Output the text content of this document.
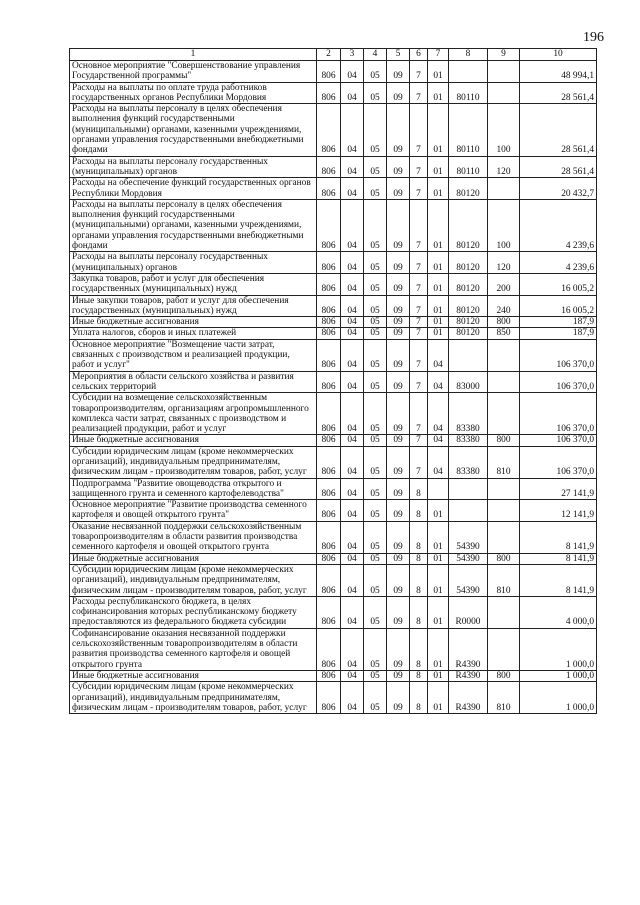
196
1	2	3	4	5	6	7	8	9	10
Основное мероприятие "Совершенствование управления Государственной программы"	806	04	05	09	7	01			48 994,1
Расходы на выплаты по оплате труда работников государственных органов Республики Мордовия	806	04	05	09	7	01	80110		28 561,4
Расходы на выплаты персоналу в целях обеспечения выполнения функций государственными (муниципальными) органами, казенными учреждениями, органами управления государственными внебюджетными фондами	806	04	05	09	7	01	80110	100	28 561,4
Расходы на выплаты персоналу государственных (муниципальных) органов	806	04	05	09	7	01	80110	120	28 561,4
Расходы на обеспечение функций государственных органов Республики Мордовия	806	04	05	09	7	01	80120		20 432,7
Расходы на выплаты персоналу в целях обеспечения выполнения функций государственными (муниципальными) органами, казенными учреждениями, органами управления государственными внебюджетными фондами	806	04	05	09	7	01	80120	100	4 239,6
Расходы на выплаты персоналу государственных (муниципальных) органов	806	04	05	09	7	01	80120	120	4 239,6
Закупка товаров, работ и услуг для обеспечения государственных (муниципальных) нужд	806	04	05	09	7	01	80120	200	16 005,2
Иные закупки товаров, работ и услуг для обеспечения государственных (муниципальных) нужд	806	04	05	09	7	01	80120	240	16 005,2
Иные бюджетные ассигнования	806	04	05	09	7	01	80120	800	187,9
Уплата налогов, сборов и иных платежей	806	04	05	09	7	01	80120	850	187,9
Основное мероприятие "Возмещение части затрат, связанных с производством и реализацией продукции, работ и услуг"	806	04	05	09	7	04			106 370,0
Мероприятия в области сельского хозяйства и развития сельских территорий	806	04	05	09	7	04	83000		106 370,0
Субсидии на возмещение сельскохозяйственным товаропроизводителям, организациям агропромышленного комплекса части затрат, связанных с производством и реализацией продукции, работ и услуг	806	04	05	09	7	04	83380		106 370,0
Иные бюджетные ассигнования	806	04	05	09	7	04	83380	800	106 370,0
Субсидии юридическим лицам (кроме некоммерческих организаций), индивидуальным предпринимателям, физическим лицам - производителям товаров, работ, услуг	806	04	05	09	7	04	83380	810	106 370,0
Подпрограмма "Развитие овощеводства открытого и защищенного грунта и семенного картофелеводства"	806	04	05	09	8				27 141,9
Основное мероприятие "Развитие производства семенного картофеля и овощей открытого грунта"	806	04	05	09	8	01			12 141,9
Оказание несвязанной поддержки сельскохозяйственным товаропроизводителям в области развития производства семенного картофеля и овощей открытого грунта	806	04	05	09	8	01	54390		8 141,9
Иные бюджетные ассигнования	806	04	05	09	8	01	54390	800	8 141,9
Субсидии юридическим лицам (кроме некоммерческих организаций), индивидуальным предпринимателям, физическим лицам - производителям товаров, работ, услуг	806	04	05	09	8	01	54390	810	8 141,9
Расходы республиканского бюджета, в целях софинансирования которых республиканскому бюджету предоставляются из федерального бюджета субсидии	806	04	05	09	8	01	R0000		4 000,0
Софинансирование оказания несвязанной поддержки сельскохозяйственным товаропроизводителям в области развития производства семенного картофеля и овощей открытого грунта	806	04	05	09	8	01	R4390		1 000,0
Иные бюджетные ассигнования	806	04	05	09	8	01	R4390	800	1 000,0
Субсидии юридическим лицам (кроме некоммерческих организаций), индивидуальным предпринимателям, физическим лицам - производителям товаров, работ, услуг	806	04	05	09	8	01	R4390	810	1 000,0
